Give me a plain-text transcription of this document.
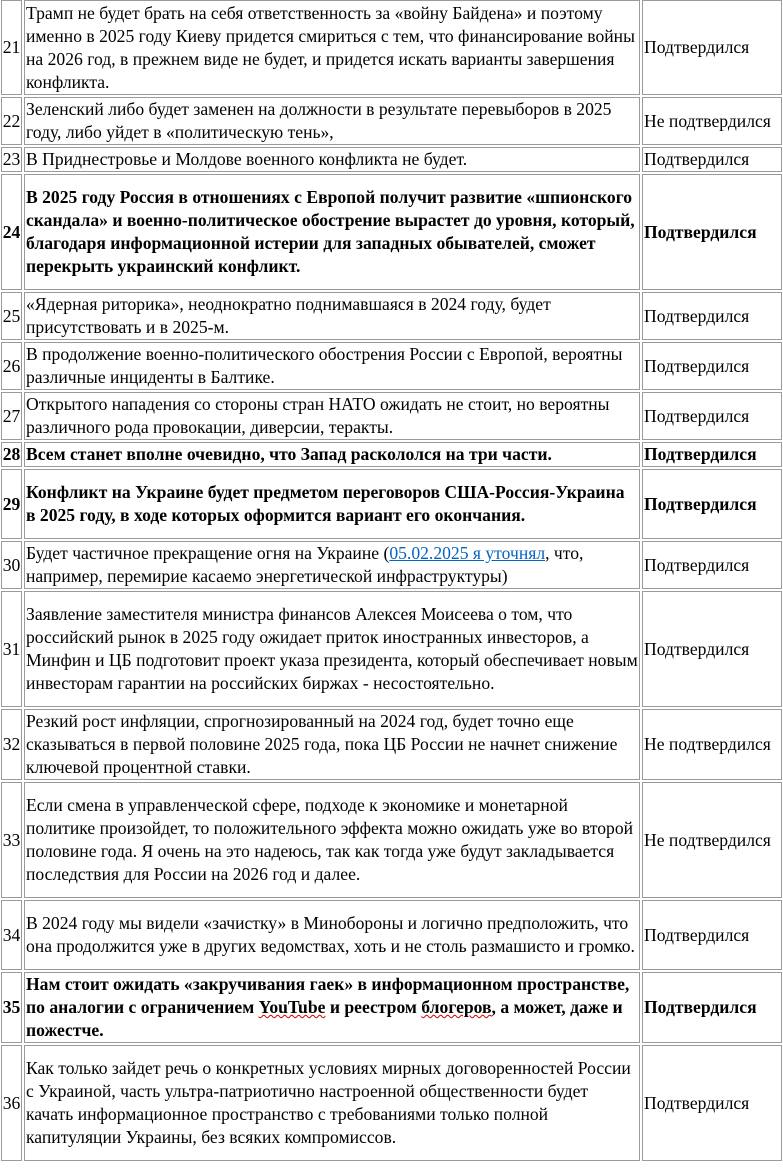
21	Трамп не будет брать на себя ответственность за «войну Байдена» и поэтому именно в 2025 году Киеву придется смириться с тем, что финансирование войны на 2026 год, в прежнем виде не будет, и придется искать варианты завершения конфликта.	Подтвердился
22	Зеленский либо будет заменен на должности в результате перевыборов в 2025 году, либо уйдет в «политическую тень»,	Не подтвердился
23	В Приднестровье и Молдове военного конфликта не будет.	Подтвердился
24	В 2025 году Россия в отношениях с Европой получит развитие «шпионского скандала» и военно-политическое обострение вырастет до уровня, который, благодаря информационной истерии для западных обывателей, сможет перекрыть украинский конфликт.	Подтвердился
25	«Ядерная риторика», неоднократно поднимавшаяся в 2024 году, будет присутствовать и в 2025-м.	Подтвердился
26	В продолжение военно-политического обострения России с Европой, вероятны различные инциденты в Балтике.	Подтвердился
27	Открытого нападения со стороны стран НАТО ожидать не стоит, но вероятны различного рода провокации, диверсии, теракты.	Подтвердился
28	Всем станет вполне очевидно, что Запад раскололся на три части.	Подтвердился
29	Конфликт на Украине будет предметом переговоров США-Россия-Украина в 2025 году, в ходе которых оформится вариант его окончания.	Подтвердился
30	Будет частичное прекращение огня на Украине (05.02.2025 я уточнял, что, например, перемирие касаемо энергетической инфраструктуры)	Подтвердился
31	Заявление заместителя министра финансов Алексея Моисеева о том, что российский рынок в 2025 году ожидает приток иностранных инвесторов, а Минфин и ЦБ подготовит проект указа президента, который обеспечивает новым инвесторам гарантии на российских биржах - несостоятельно.	Подтвердился
32	Резкий рост инфляции, спрогнозированный на 2024 год, будет точно еще сказываться в первой половине 2025 года, пока ЦБ России не начнет снижение ключевой процентной ставки.	Не подтвердился
33	Если смена в управленческой сфере, подходе к экономике и монетарной политике произойдет, то положительного эффекта можно ожидать уже во второй половине года. Я очень на это надеюсь, так как тогда уже будут закладывается последствия для России на 2026 год и далее.	Не подтвердился
34	В 2024 году мы видели «зачистку» в Минобороны и логично предположить, что она продолжится уже в других ведомствах, хоть и не столь размашисто и громко.	Подтвердился
35	Нам стоит ожидать «закручивания гаек» в информационном пространстве, по аналогии с ограничением YouTube и реестром блогеров, а может, даже и пожестче.	Подтвердился
36	Как только зайдет речь о конкретных условиях мирных договоренностей России с Украиной, часть ультра-патриотично настроенной общественности будет качать информационное пространство с требованиями только полной капитуляции Украины, без всяких компромиссов.	Подтвердился
